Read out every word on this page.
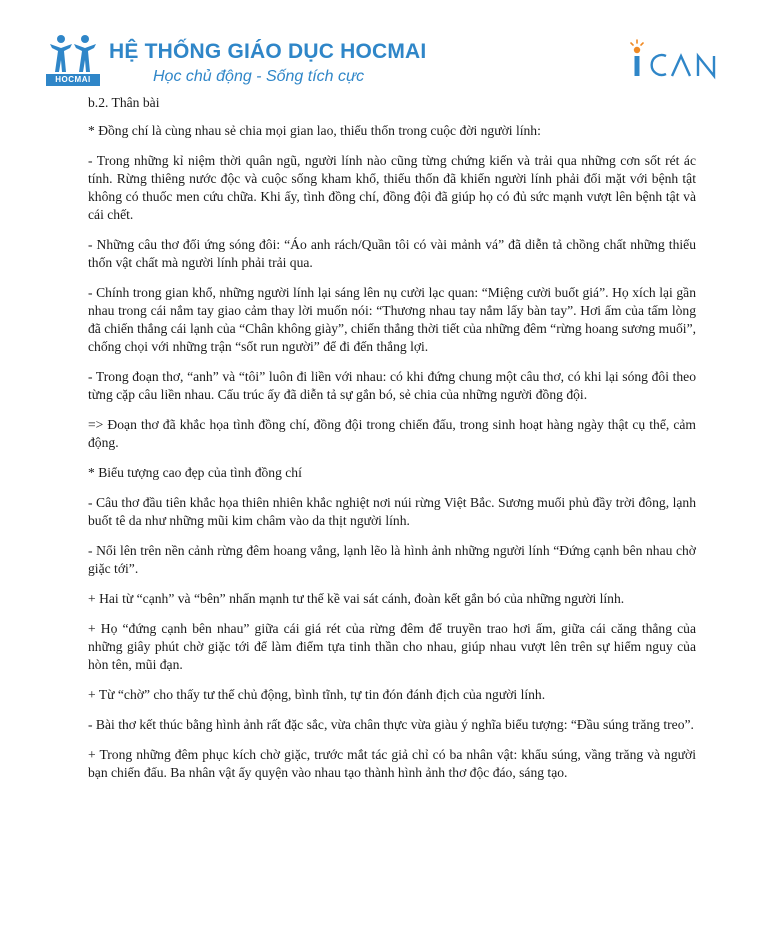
HOCMAI
HỆ THỐNG GIÁO DỤC HOCMAI
Học chủ động - Sống tích cực

b.2. Thân bài

* Đồng chí là cùng nhau sẻ chia mọi gian lao, thiếu thốn trong cuộc đời người lính:

- Trong những kỉ niệm thời quân ngũ, người lính nào cũng từng chứng kiến và trải qua những cơn sốt rét ác tính. Rừng thiêng nước độc và cuộc sống kham khổ, thiếu thốn đã khiến người lính phải đối mặt với bệnh tật không có thuốc men cứu chữa. Khi ấy, tình đồng chí, đồng đội đã giúp họ có đủ sức mạnh vượt lên bệnh tật và cái chết.

- Những câu thơ đối ứng sóng đôi: “Áo anh rách/Quần tôi có vài mảnh vá” đã diễn tả chồng chất những thiếu thốn vật chất mà người lính phải trải qua.

- Chính trong gian khổ, những người lính lại sáng lên nụ cười lạc quan: “Miệng cười buốt giá”. Họ xích lại gần nhau trong cái nắm tay giao cảm thay lời muốn nói: “Thương nhau tay nắm lấy bàn tay”. Hơi ấm của tấm lòng đã chiến thắng cái lạnh của “Chân không giày”, chiến thắng thời tiết của những đêm “rừng hoang sương muối”, chống chọi với những trận “sốt run người” để đi đến thắng lợi.

- Trong đoạn thơ, “anh” và “tôi” luôn đi liền với nhau: có khi đứng chung một câu thơ, có khi lại sóng đôi theo từng cặp câu liền nhau. Cấu trúc ấy đã diễn tả sự gắn bó, sẻ chia của những người đồng đội.

=> Đoạn thơ đã khắc họa tình đồng chí, đồng đội trong chiến đấu, trong sinh hoạt hàng ngày thật cụ thể, cảm động.

* Biểu tượng cao đẹp của tình đồng chí

- Câu thơ đầu tiên khắc họa thiên nhiên khắc nghiệt nơi núi rừng Việt Bắc. Sương muối phủ đầy trời đông, lạnh buốt tê da như những mũi kim châm vào da thịt người lính.

- Nổi lên trên nền cảnh rừng đêm hoang vắng, lạnh lẽo là hình ảnh những người lính “Đứng cạnh bên nhau chờ giặc tới”.

+ Hai từ “cạnh” và “bên” nhấn mạnh tư thế kề vai sát cánh, đoàn kết gắn bó của những người lính.

+ Họ “đứng cạnh bên nhau” giữa cái giá rét của rừng đêm để truyền trao hơi ấm, giữa cái căng thẳng của những giây phút chờ giặc tới để làm điểm tựa tinh thần cho nhau, giúp nhau vượt lên trên sự hiểm nguy của hòn tên, mũi đạn.

+ Từ “chờ” cho thấy tư thế chủ động, bình tĩnh, tự tin đón đánh địch của người lính.

- Bài thơ kết thúc bằng hình ảnh rất đặc sắc, vừa chân thực vừa giàu ý nghĩa biểu tượng: “Đầu súng trăng treo”.

+ Trong những đêm phục kích chờ giặc, trước mắt tác giả chỉ có ba nhân vật: khẩu súng, vầng trăng và người bạn chiến đấu. Ba nhân vật ấy quyện vào nhau tạo thành hình ảnh thơ độc đáo, sáng tạo.
